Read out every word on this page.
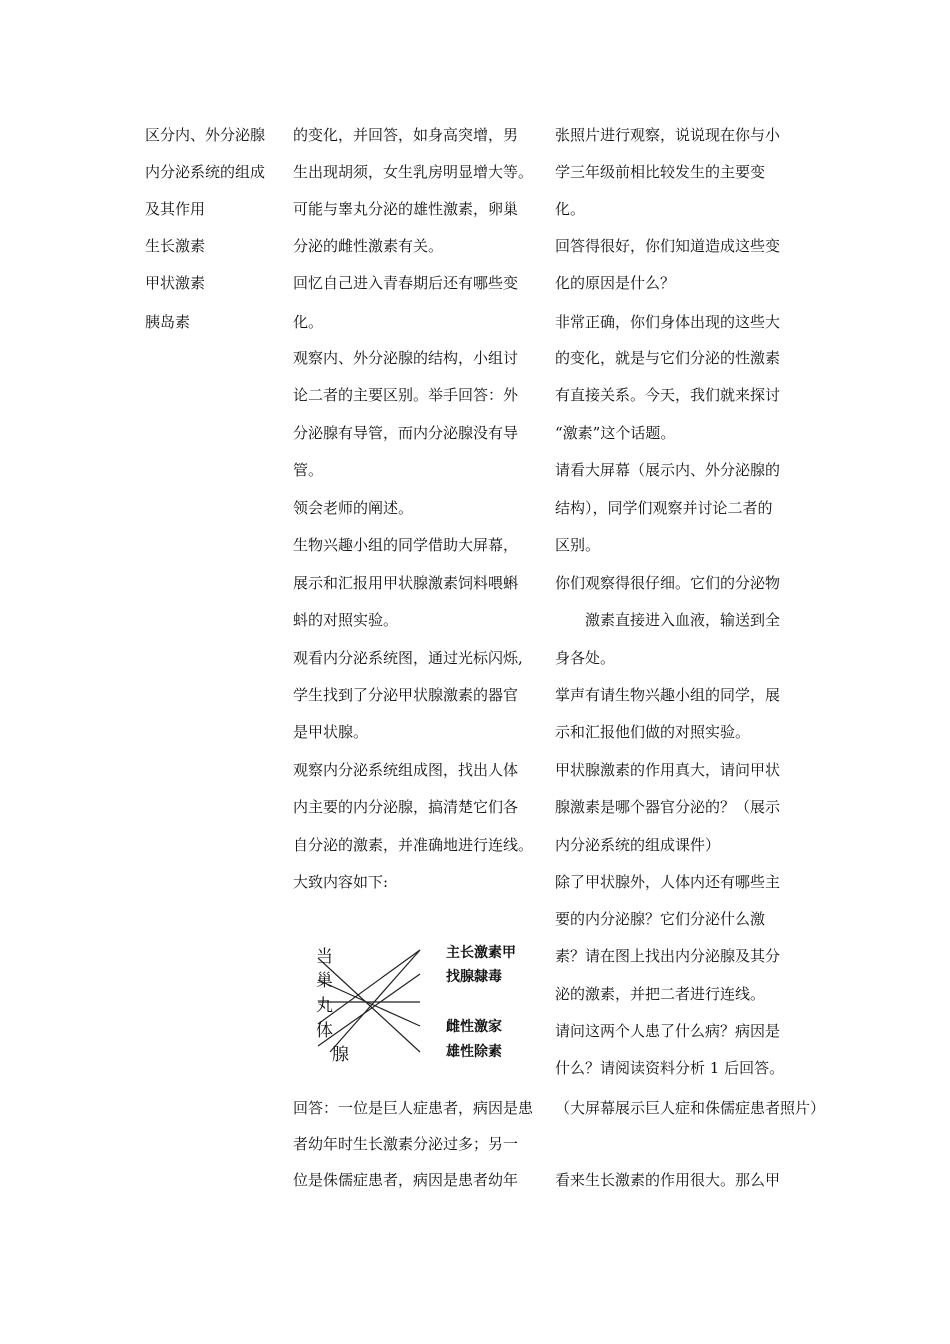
区分内、外分泌腺
内分泌系统的组成
及其作用
生长激素
甲状激素
胰岛素
的变化，并回答，如身高突增，男
生出现胡须，女生乳房明显增大等。
可能与睾丸分泌的雄性激素，卵巢
分泌的雌性激素有关。
回忆自己进入青春期后还有哪些变
化。
观察内、外分泌腺的结构，小组讨
论二者的主要区别。举手回答：外
分泌腺有导管，而内分泌腺没有导
管。
领会老师的阐述。
生物兴趣小组的同学借助大屏幕，
展示和汇报用甲状腺激素饲料喂蝌
蚪的对照实验。
观看内分泌系统图，通过光标闪烁,
学生找到了分泌甲状腺激素的器官
是甲状腺。
观察内分泌系统组成图，找出人体
内主要的内分泌腺，搞清楚它们各
自分泌的激素，并准确地进行连线。
大致内容如下:
回答：一位是巨人症患者，病因是患
者幼年时生长激素分泌过多；另一
位是侏儒症患者，病因是患者幼年
张照片进行观察，说说现在你与小
学三年级前相比较发生的主要变
化。
回答得很好，你们知道造成这些变
化的原因是什么？
非常正确，你们身体出现的这些大
的变化，就是与它们分泌的性激素
有直接关系。今天，我们就来探讨
“激素”这个话题。
请看大屏幕（展示内、外分泌腺的
结构），同学们观察并讨论二者的
区别。
你们观察得很仔细。它们的分泌物
激素直接进入血液，输送到全
身各处。
掌声有请生物兴趣小组的同学，展
示和汇报他们做的对照实验。
甲状腺激素的作用真大，请问甲状
腺激素是哪个器官分泌的？（展示
内分泌系统的组成课件）
除了甲状腺外，人体内还有哪些主
要的内分泌腺？它们分泌什么激
素？请在图上找出内分泌腺及其分
泌的激素，并把二者进行连线。
请问这两个人患了什么病？病因是
什么？请阅读资料分析 1 后回答。
（大屏幕展示巨人症和侏儒症患者照片）
看来生长激素的作用很大。那么甲
当
巢
丸
体
腺
主长激素甲
找腺隸毒
雌性激家
雄性除素
